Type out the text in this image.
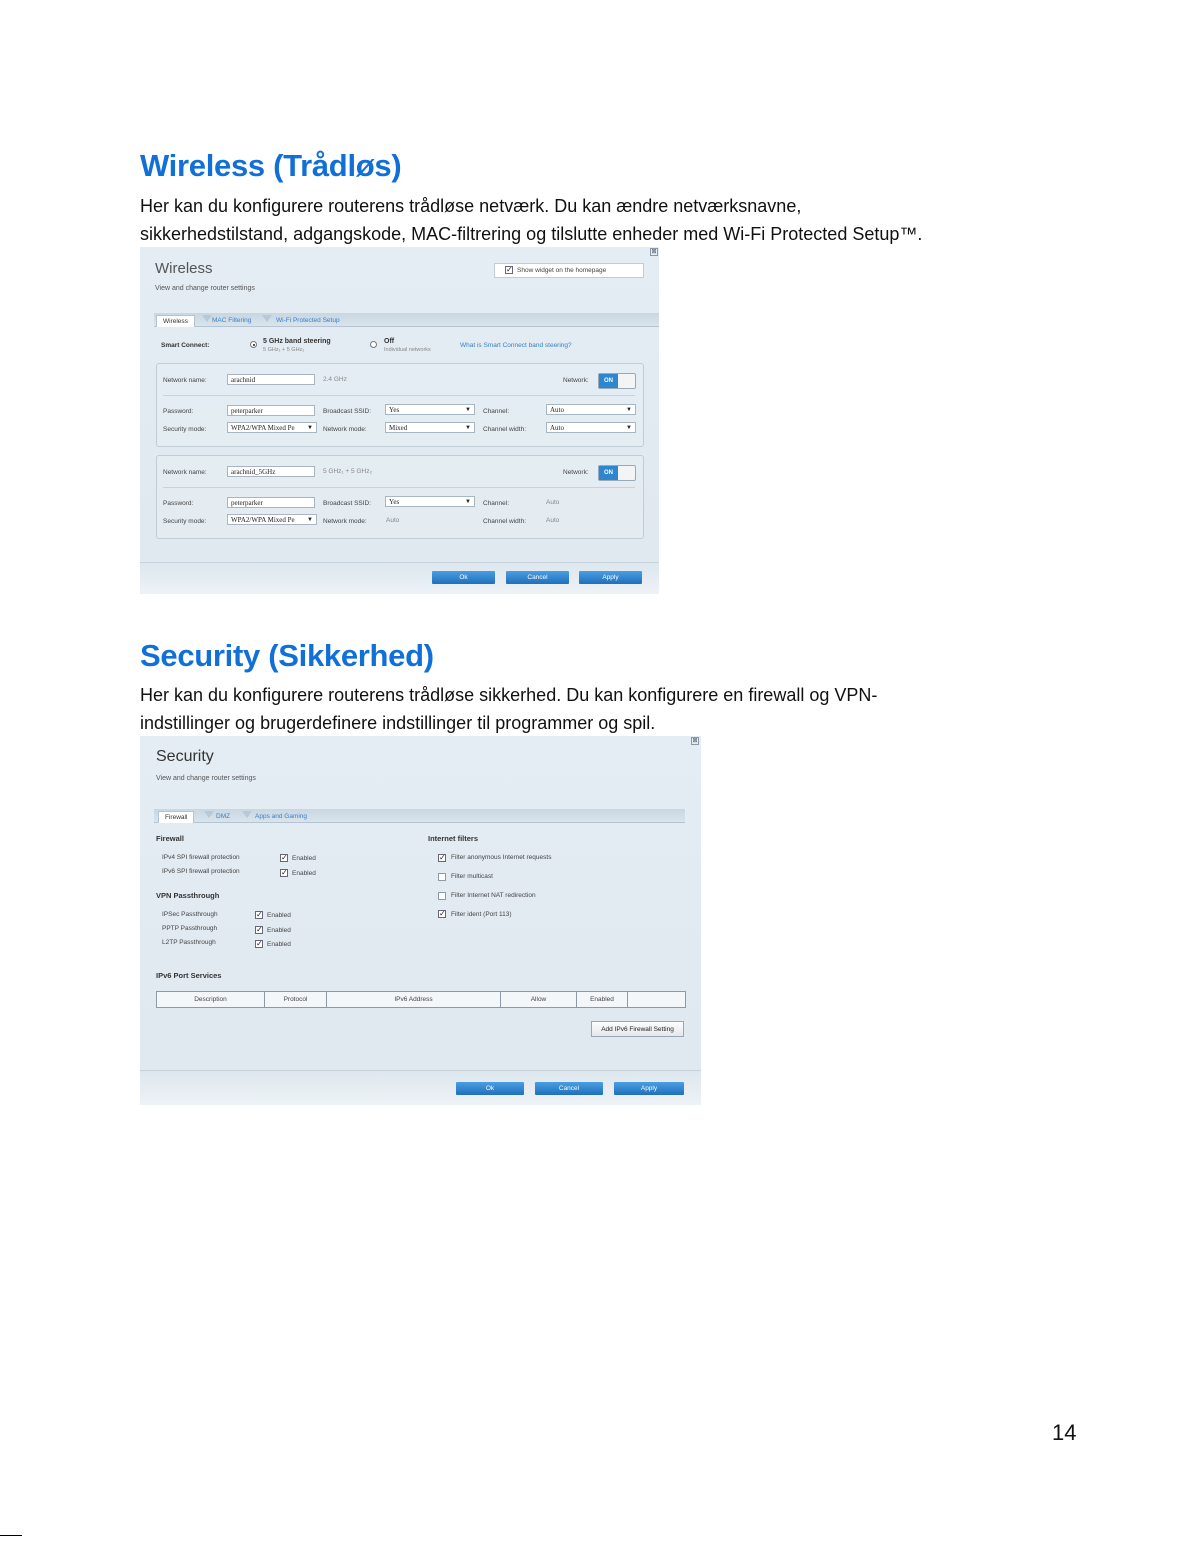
Wireless (Trådløs)

Her kan du konfigurere routerens trådløse netværk. Du kan ændre netværksnavne,
sikkerhedstilstand, adgangskode, MAC-filtrering og tilslutte enheder med Wi-Fi Protected Setup™.

Wireless
View and change router settings
⊠
✓ Show widget on the homepage
Wireless	MAC Filtering	Wi-Fi Protected Setup
Smart Connect:
5 GHz band steering
5 GHz₁ + 5 GHz₂
Off
Individual networks
What is Smart Connect band steering?
Network name:	arachnid	2.4 GHz	Network:	ON
Password:	peterparker	Broadcast SSID:	Yes	▼ Channel:	Auto	▼
Security mode:	WPA2/WPA Mixed Pe ▼ Network mode:	Mixed	▼ Channel width:	Auto	▼
Network name:	arachnid_5GHz	5 GHz₁ + 5 GHz₂	Network:	ON
Password:	peterparker	Broadcast SSID:	Yes	▼ Channel:	Auto
Security mode:	WPA2/WPA Mixed Pe ▼ Network mode:	Auto	Channel width:	Auto
Ok	Cancel	Apply
Security (Sikkerhed)

Her kan du konfigurere routerens trådløse sikkerhed. Du kan konfigurere en firewall og VPN-
indstillinger og brugerdefinere indstillinger til programmer og spil.

Security
View and change router settings
⊠
Firewall	DMZ	Apps and Gaming
Firewall
IPv4 SPI firewall protection	✓ Enabled
IPv6 SPI firewall protection	✓ Enabled
VPN Passthrough
IPSec Passthrough	✓ Enabled
PPTP Passthrough	✓ Enabled
L2TP Passthrough	✓ Enabled
Internet filters
✓ Filter anonymous Internet requests
Filter multicast
Filter Internet NAT redirection
✓ Filter ident (Port 113)
IPv6 Port Services
Description	Protocol	IPv6 Address	Allow	Enabled
Add IPv6 Firewall Setting
Ok	Cancel	Apply
14
